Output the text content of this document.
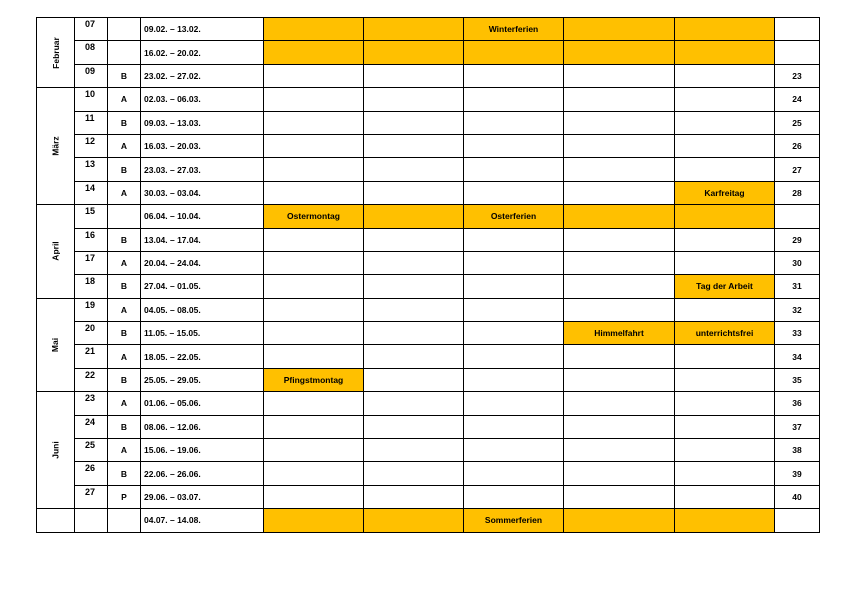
Februar	07		09.02. – 13.02.			Winterferien			

	08		16.02. – 20.02.						

	09	B	23.02. – 27.02.						23
März	10	A	02.03. – 06.03.						24

	11	B	09.03. – 13.03.						25

	12	A	16.03. – 20.03.						26

	13	B	23.03. – 27.03.						27

	14	A	30.03. – 03.04.					Karfreitag	28
April	15		06.04. – 10.04.	Ostermontag		Osterferien			

	16	B	13.04. – 17.04.						29

	17	A	20.04. – 24.04.						30

	18	B	27.04. – 01.05.					Tag der Arbeit	31
Mai	19	A	04.05. – 08.05.						32

	20	B	11.05. – 15.05.				Himmelfahrt	unterrichtsfrei	33

	21	A	18.05. – 22.05.						34

	22	B	25.05. – 29.05.	Pfingstmontag					35
Juni	23	A	01.06. – 05.06.						36

	24	B	08.06. – 12.06.						37

	25	A	15.06. – 19.06.						38

	26	B	22.06. – 26.06.						39

	27	P	29.06. – 03.07.						40

		04.07. – 14.08.			Sommerferien			
